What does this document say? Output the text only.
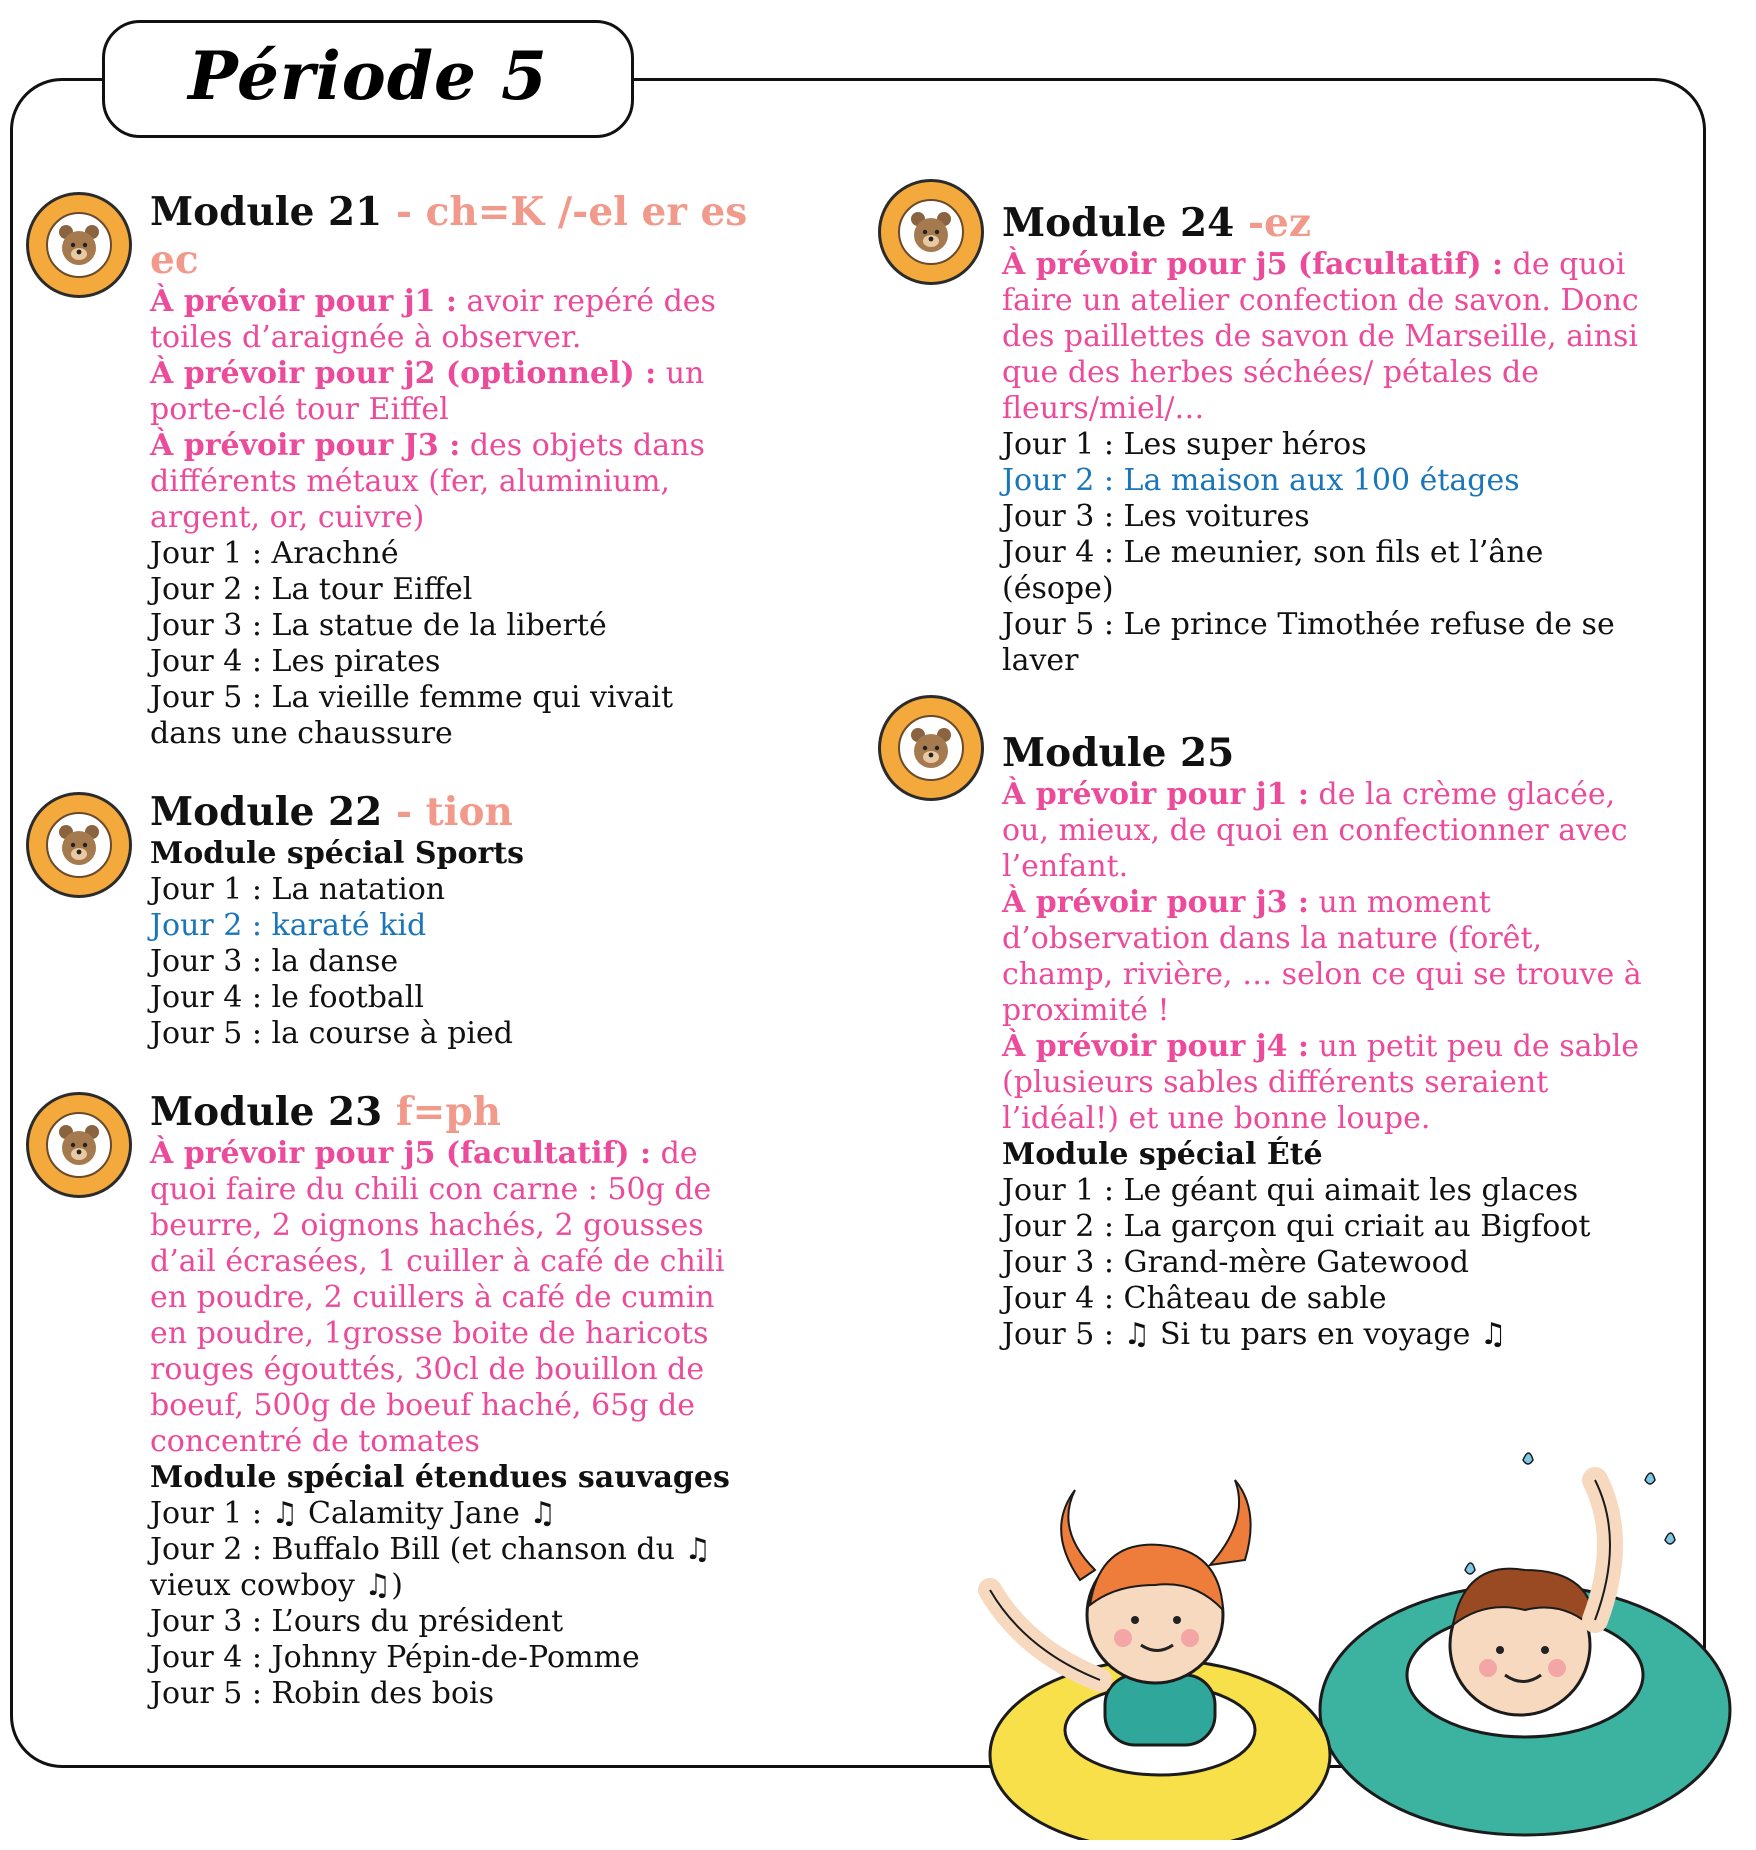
Période 5
Module 21 - ch=K /-el er es ec
À prévoir pour j1 : avoir repéré des toiles d’araignée à observer.
À prévoir pour j2 (optionnel) : un porte-clé tour Eiffel
À prévoir pour J3 : des objets dans différents métaux (fer, aluminium, argent, or, cuivre)
Jour 1 : Arachné
Jour 2 : La tour Eiffel
Jour 3 : La statue de la liberté
Jour 4 : Les pirates
Jour 5 : La vieille femme qui vivait dans une chaussure
Module 22 - tion
Module spécial Sports
Jour 1 : La natation
Jour 2 : karaté kid
Jour 3 : la danse
Jour 4 : le football
Jour 5 : la course à pied
Module 23 f=ph
À prévoir pour j5 (facultatif) : de quoi faire du chili con carne : 50g de beurre, 2 oignons hachés, 2 gousses d’ail écrasées, 1 cuiller à café de chili en poudre, 2 cuillers à café de cumin en poudre, 1grosse boite de haricots rouges égouttés, 30cl de bouillon de boeuf, 500g de boeuf haché, 65g de concentré de tomates
Module spécial étendues sauvages
Jour 1 : ♫ Calamity Jane ♫
Jour 2 : Buffalo Bill (et chanson du ♫ vieux cowboy ♫)
Jour 3 : L’ours du président
Jour 4 : Johnny Pépin-de-Pomme
Jour 5 : Robin des bois
Module 24 -ez
À prévoir pour j5 (facultatif) : de quoi faire un atelier confection de savon. Donc des paillettes de savon de Marseille, ainsi que des herbes séchées/ pétales de fleurs/miel/…
Jour 1 : Les super héros
Jour 2 : La maison aux 100 étages
Jour 3 : Les voitures
Jour 4 : Le meunier, son fils et l’âne (ésope)
Jour 5 : Le prince Timothée refuse de se laver
Module 25
À prévoir pour j1 : de la crème glacée, ou, mieux, de quoi en confectionner avec l’enfant.
À prévoir pour j3 : un moment d’observation dans la nature (forêt, champ, rivière, … selon ce qui se trouve à proximité !
À prévoir pour j4 : un petit peu de sable (plusieurs sables différents seraient l’idéal!) et une bonne loupe.
Module spécial Été
Jour 1 : Le géant qui aimait les glaces
Jour 2 : La garçon qui criait au Bigfoot
Jour 3 : Grand-mère Gatewood
Jour 4 : Château de sable
Jour 5 : ♫ Si tu pars en voyage ♫
